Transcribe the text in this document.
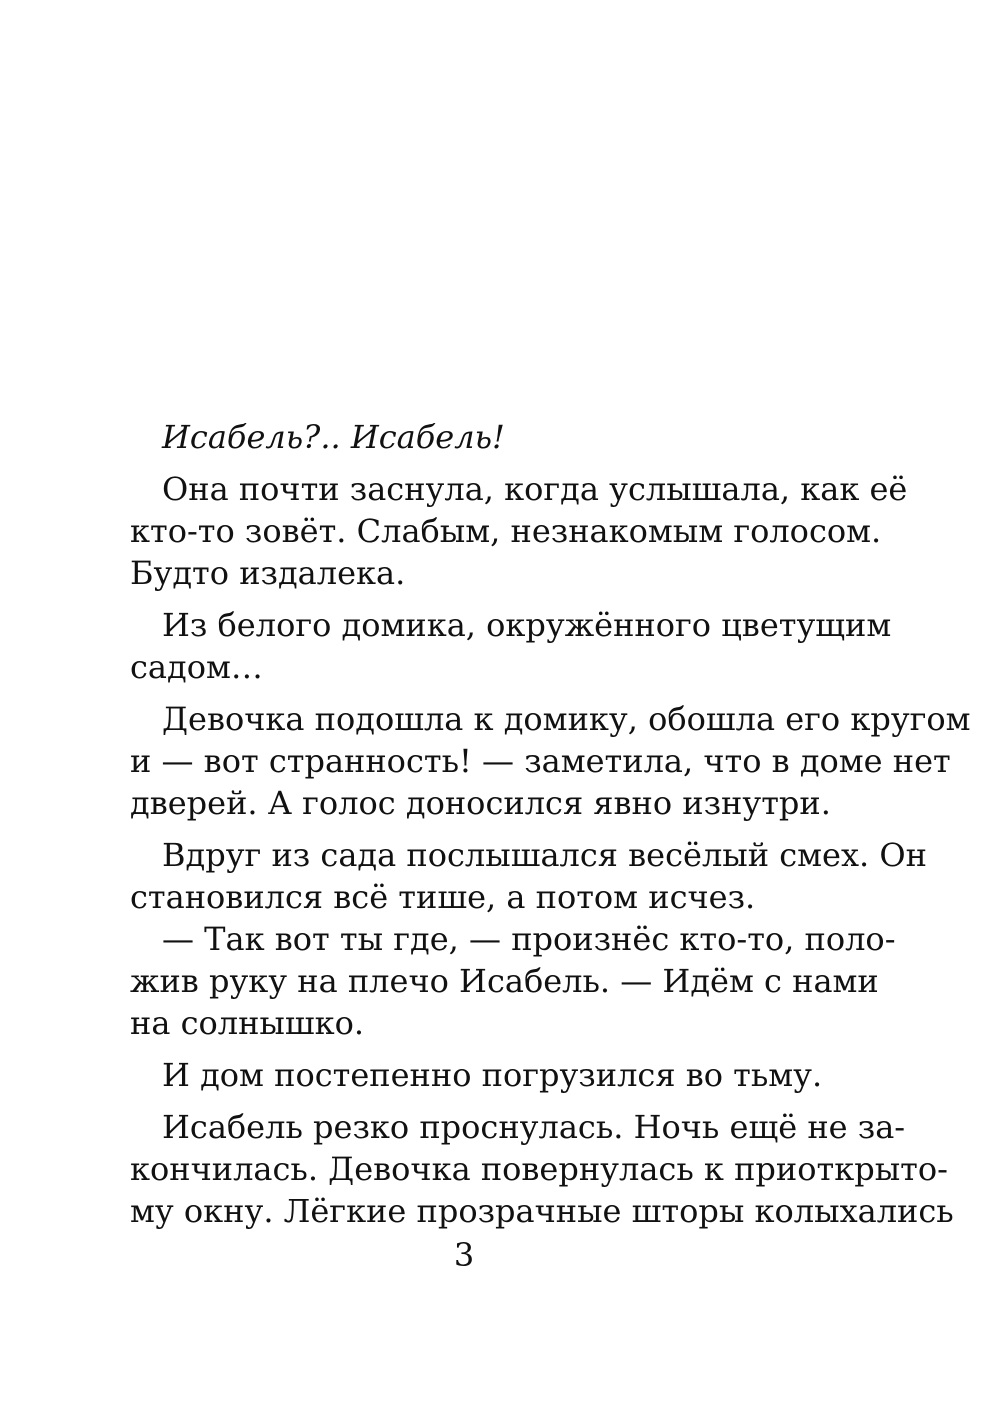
Исабель?.. Исабель!
Она почти заснула, когда услышала, как её
кто-то зовёт. Слабым, незнакомым голосом.
Будто издалека.
Из белого домика, окружённого цветущим
садом…
Девочка подошла к домику, обошла его кругом
и — вот странность! — заметила, что в доме нет
дверей. А голос доносился явно изнутри.
Вдруг из сада послышался весёлый смех. Он
становился всё тише, а потом исчез.
— Так вот ты где, — произнёс кто-то, поло-
жив руку на плечо Исабель. — Идём с нами
на солнышко.
И дом постепенно погрузился во тьму.
Исабель резко проснулась. Ночь ещё не за-
кончилась. Девочка повернулась к приоткрыто-
му окну. Лёгкие прозрачные шторы колыхались
3
